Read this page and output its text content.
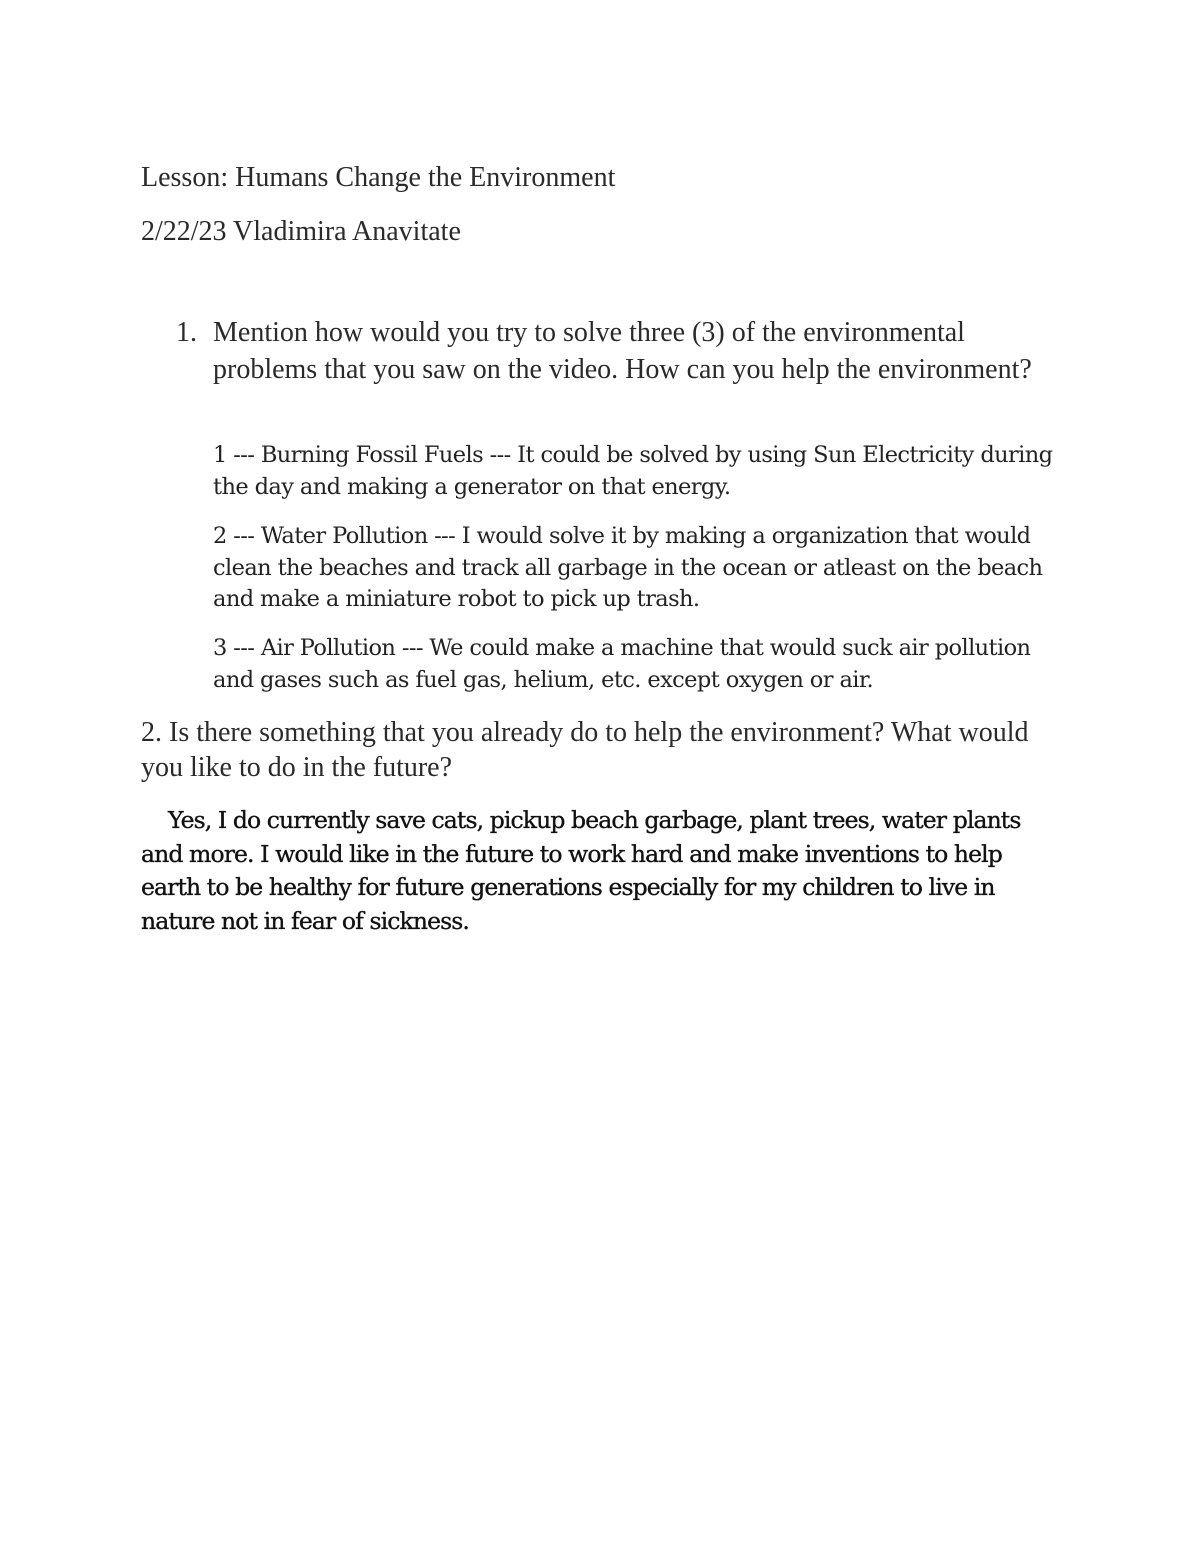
Lesson: Humans Change the Environment
2/22/23 Vladimira Anavitate
1. Mention how would you try to solve three (3) of the environmental problems that you saw on the video. How can you help the environment?
1 --- Burning Fossil Fuels --- It could be solved by using Sun Electricity during the day and making a generator on that energy.
2 --- Water Pollution --- I would solve it by making a organization that would clean the beaches and track all garbage in the ocean or atleast on the beach and make a miniature robot to pick up trash.
3 --- Air Pollution --- We could make a machine that would suck air pollution and gases such as fuel gas, helium, etc. except oxygen or air.
2. Is there something that you already do to help the environment? What would you like to do in the future?
Yes, I do currently save cats, pickup beach garbage, plant trees, water plants and more. I would like in the future to work hard and make inventions to help earth to be healthy for future generations especially for my children to live in nature not in fear of sickness.
